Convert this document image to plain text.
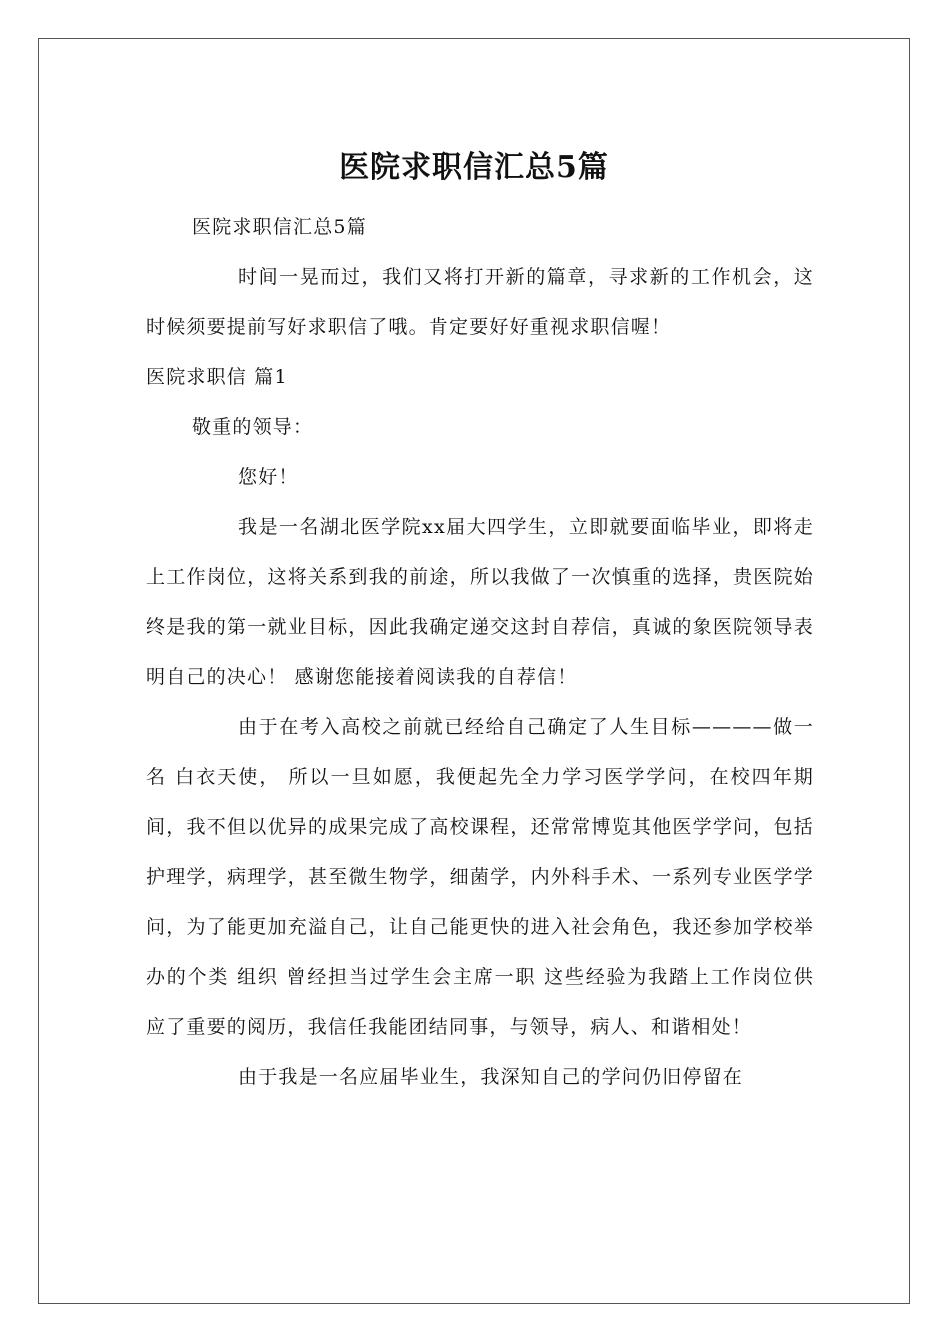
医院求职信汇总5篇

医院求职信汇总5篇

时间一晃而过，我们又将打开新的篇章，寻求新的工作机会，这时候须要提前写好求职信了哦。肯定要好好重视求职信喔！

医院求职信 篇1

敬重的领导：

您好！

我是一名湖北医学院xx届大四学生，立即就要面临毕业，即将走上工作岗位，这将关系到我的前途，所以我做了一次慎重的选择，贵医院始终是我的第一就业目标，因此我确定递交这封自荐信，真诚的象医院领导表明自己的决心！ 感谢您能接着阅读我的自荐信！

由于在考入高校之前就已经给自己确定了人生目标————做一名 白衣天使， 所以一旦如愿，我便起先全力学习医学学问，在校四年期间，我不但以优异的成果完成了高校课程，还常常博览其他医学学问，包括护理学，病理学，甚至微生物学，细菌学，内外科手术、一系列专业医学学问，为了能更加充溢自己，让自己能更快的进入社会角色，我还参加学校举办的个类 组织 曾经担当过学生会主席一职 这些经验为我踏上工作岗位供应了重要的阅历，我信任我能团结同事，与领导，病人、和谐相处！

由于我是一名应届毕业生，我深知自己的学问仍旧停留在
